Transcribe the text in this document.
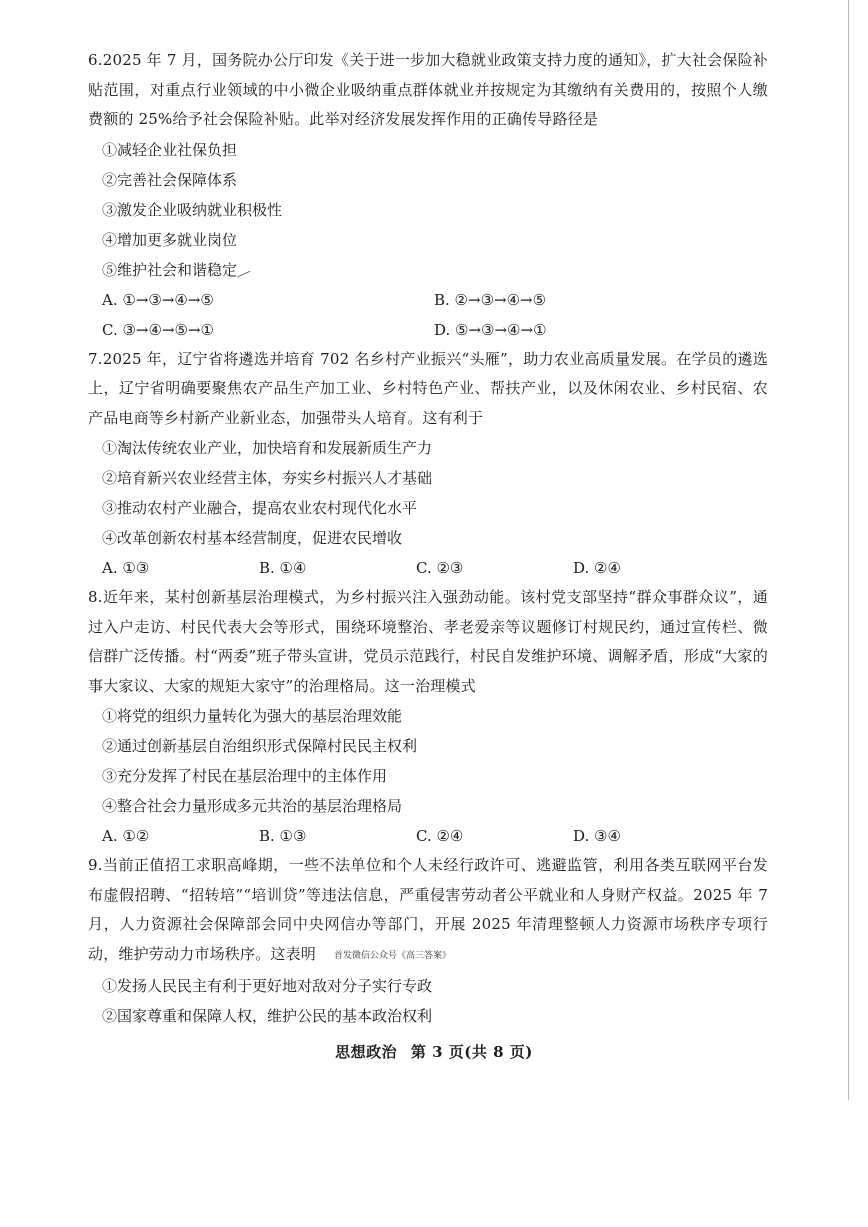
6.2025 年 7 月，国务院办公厅印发《关于进一步加大稳就业政策支持力度的通知》，扩大社会保险补贴范围，对重点行业领域的中小微企业吸纳重点群体就业并按规定为其缴纳有关费用的，按照个人缴费额的 25%给予社会保险补贴。此举对经济发展发挥作用的正确传导路径是

①减轻企业社保负担

②完善社会保障体系

③激发企业吸纳就业积极性

④增加更多就业岗位

⑤维护社会和谐稳定

A. ①→③→④→⑤	B. ②→③→④→⑤
C. ③→④→⑤→①	D. ⑤→③→④→①

7.2025 年，辽宁省将遴选并培育 702 名乡村产业振兴“头雁”，助力农业高质量发展。在学员的遴选上，辽宁省明确要聚焦农产品生产加工业、乡村特色产业、帮扶产业，以及休闲农业、乡村民宿、农产品电商等乡村新产业新业态，加强带头人培育。这有利于

①淘汰传统农业产业，加快培育和发展新质生产力

②培育新兴农业经营主体，夯实乡村振兴人才基础

③推动农村产业融合，提高农业农村现代化水平

④改革创新农村基本经营制度，促进农民增收

A. ①③	B. ①④	C. ②③	D. ②④

8.近年来，某村创新基层治理模式，为乡村振兴注入强劲动能。该村党支部坚持“群众事群众议”，通过入户走访、村民代表大会等形式，围绕环境整治、孝老爱亲等议题修订村规民约，通过宣传栏、微信群广泛传播。村“两委”班子带头宣讲，党员示范践行，村民自发维护环境、调解矛盾，形成“大家的事大家议、大家的规矩大家守”的治理格局。这一治理模式

①将党的组织力量转化为强大的基层治理效能

②通过创新基层自治组织形式保障村民民主权利

③充分发挥了村民在基层治理中的主体作用

④整合社会力量形成多元共治的基层治理格局

A. ①②	B. ①③	C. ②④	D. ③④

9.当前正值招工求职高峰期，一些不法单位和个人未经行政许可、逃避监管，利用各类互联网平台发布虚假招聘、“招转培”“培训贷”等违法信息，严重侵害劳动者公平就业和人身财产权益。2025 年 7 月，人力资源社会保障部会同中央网信办等部门，开展 2025 年清理整顿人力资源市场秩序专项行动，维护劳动力市场秩序。这表明 首发微信公众号《高三答案》

①发扬人民民主有利于更好地对敌对分子实行专政

②国家尊重和保障人权，维护公民的基本政治权利

思想政治 第 3 页(共 8 页)
